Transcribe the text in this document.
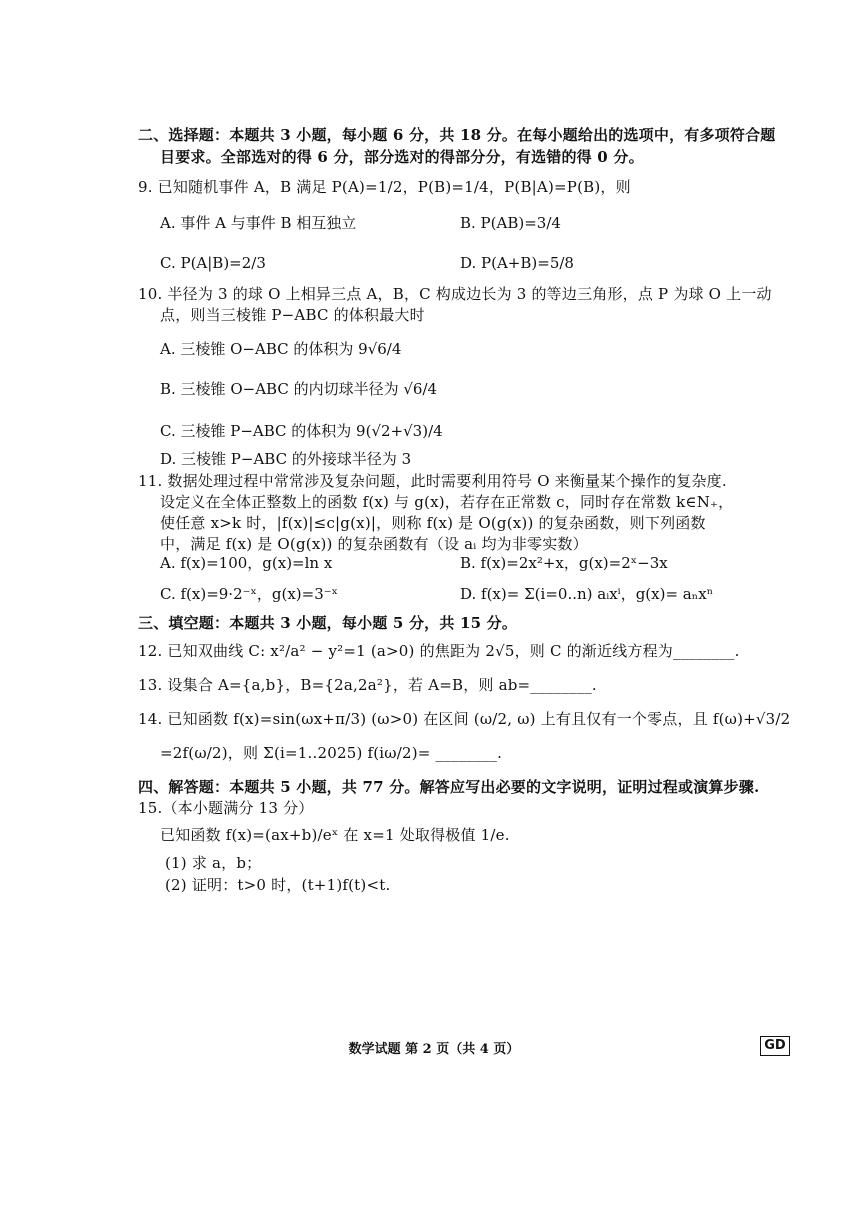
二、选择题：本题共 3 小题，每小题 6 分，共 18 分。在每小题给出的选项中，有多项符合题
目要求。全部选对的得 6 分，部分选对的得部分分，有选错的得 0 分。
9. 已知随机事件 A，B 满足 P(A)=1/2，P(B)=1/4，P(B|A)=P(B)，则
A. 事件 A 与事件 B 相互独立	B. P(AB)=3/4
C. P(A|B)=2/3	D. P(A+B)=5/8
10. 半径为 3 的球 O 上相异三点 A，B，C 构成边长为 3 的等边三角形，点 P 为球 O 上一动
点，则当三棱锥 P−ABC 的体积最大时
A. 三棱锥 O−ABC 的体积为 9√6/4
B. 三棱锥 O−ABC 的内切球半径为 √6/4
C. 三棱锥 P−ABC 的体积为 9(√2+√3)/4
D. 三棱锥 P−ABC 的外接球半径为 3
11. 数据处理过程中常常涉及复杂问题，此时需要利用符号 O 来衡量某个操作的复杂度.
设定义在全体正整数上的函数 f(x) 与 g(x)，若存在正常数 c，同时存在常数 k∈N₊，
使任意 x>k 时，|f(x)|≤c|g(x)|，则称 f(x) 是 O(g(x)) 的复杂函数，则下列函数
中，满足 f(x) 是 O(g(x)) 的复杂函数有（设 aᵢ 均为非零实数）
A. f(x)=100，g(x)=ln x	B. f(x)=2x²+x，g(x)=2ˣ−3x
C. f(x)=9·2⁻ˣ，g(x)=3⁻ˣ	D. f(x)= Σ(i=0..n) aᵢxⁱ，g(x)= aₙxⁿ
三、填空题：本题共 3 小题，每小题 5 分，共 15 分。
12. 已知双曲线 C: x²/a² − y²=1 (a>0) 的焦距为 2√5，则 C 的渐近线方程为________.
13. 设集合 A={a,b}，B={2a,2a²}，若 A=B，则 ab=________.
14. 已知函数 f(x)=sin(ωx+π/3) (ω>0) 在区间 (ω/2, ω) 上有且仅有一个零点，且 f(ω)+√3/2
=2f(ω/2)，则 Σ(i=1..2025) f(iω/2)= ________.
四、解答题：本题共 5 小题，共 77 分。解答应写出必要的文字说明，证明过程或演算步骤.
15.（本小题满分 13 分）
已知函数 f(x)=(ax+b)/eˣ 在 x=1 处取得极值 1/e.
(1) 求 a，b；
(2) 证明：t>0 时，(t+1)f(t)<t.
数学试题 第 2 页（共 4 页）	GD
